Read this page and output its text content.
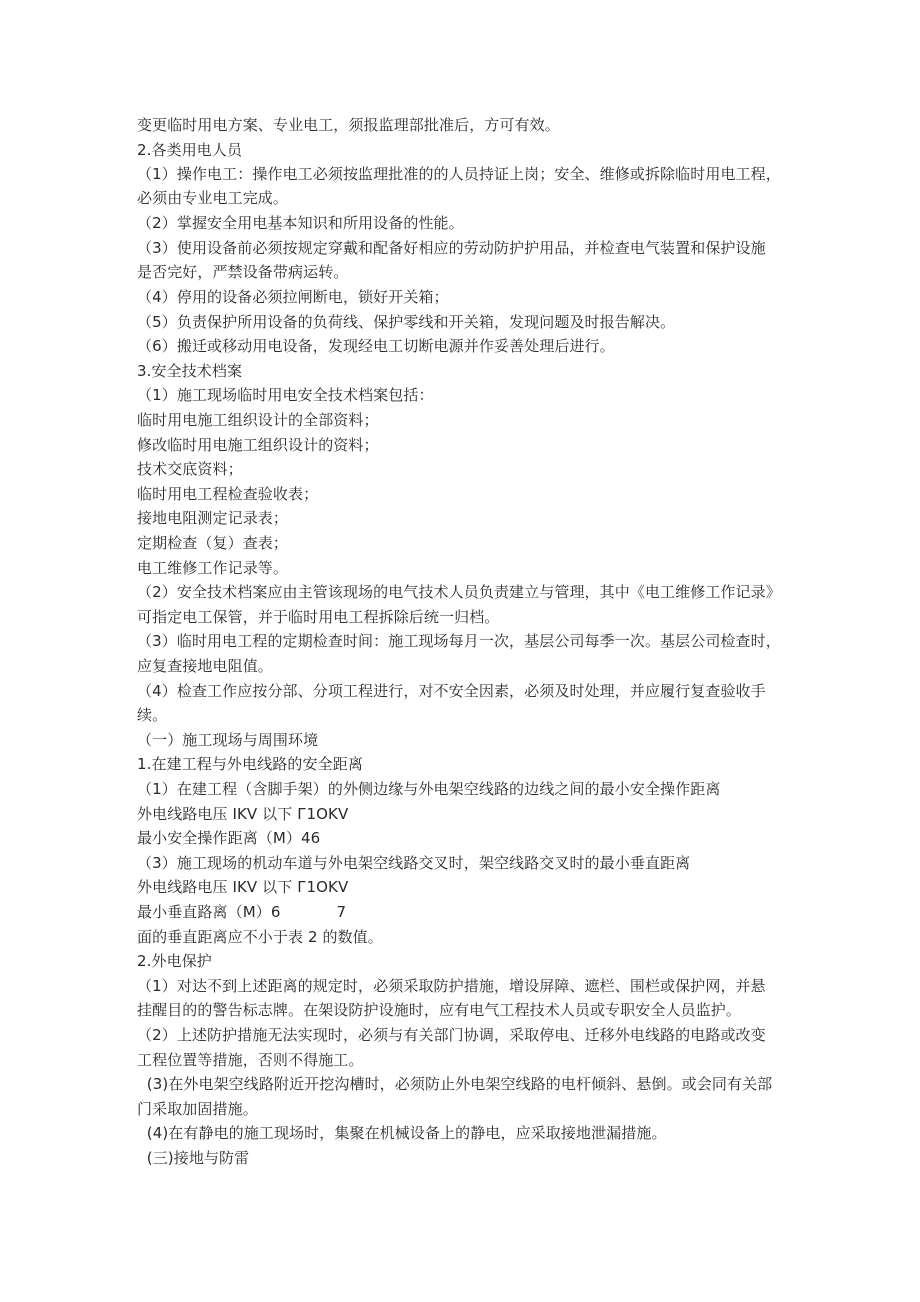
变更临时用电方案、专业电工，须报监理部批准后，方可有效。
2.各类用电人员
（1）操作电工：操作电工必须按监理批准的的人员持证上岗；安全、维修或拆除临时用电工程，
必须由专业电工完成。
（2）掌握安全用电基本知识和所用设备的性能。
（3）使用设备前必须按规定穿戴和配备好相应的劳动防护护用品，并检查电气装置和保护设施
是否完好，严禁设备带病运转。
（4）停用的设备必须拉闸断电，锁好开关箱；
（5）负责保护所用设备的负荷线、保护零线和开关箱，发现问题及时报告解决。
（6）搬迁或移动用电设备，发现经电工切断电源并作妥善处理后进行。
3.安全技术档案
（1）施工现场临时用电安全技术档案包括：
临时用电施工组织设计的全部资料；
修改临时用电施工组织设计的资料；
技术交底资料；
临时用电工程检查验收表；
接地电阻测定记录表；
定期检查（复）查表；
电工维修工作记录等。
（2）安全技术档案应由主管该现场的电气技术人员负责建立与管理，其中《电工维修工作记录》
可指定电工保管，并于临时用电工程拆除后统一归档。
（3）临时用电工程的定期检查时间：施工现场每月一次，基层公司每季一次。基层公司检查时，
应复查接地电阻值。
（4）检查工作应按分部、分项工程进行，对不安全因素，必须及时处理，并应履行复查验收手
续。
（一）施工现场与周围环境
1.在建工程与外电线路的安全距离
（1）在建工程（含脚手架）的外侧边缘与外电架空线路的边线之间的最小安全操作距离
外电线路电压 IKV 以下 Г1OKV
最小安全操作距离（M）46
（3）施工现场的机动车道与外电架空线路交叉时，架空线路交叉时的最小垂直距离
外电线路电压 IKV 以下 Г1OKV
最小垂直路离（M）6	7
面的垂直距离应不小于表 2 的数值。
2.外电保护
（1）对达不到上述距离的规定时，必须采取防护措施，增设屏障、遮栏、围栏或保护网，并悬
挂醒目的的警告标志牌。在架设防护设施时，应有电气工程技术人员或专职安全人员监护。
（2）上述防护措施无法实现时，必须与有关部门协调，采取停电、迁移外电线路的电路或改变
工程位置等措施，否则不得施工。
(3)在外电架空线路附近开挖沟槽时，必须防止外电架空线路的电杆倾斜、悬倒。或会同有关部
门采取加固措施。
(4)在有静电的施工现场时，集聚在机械设备上的静电，应采取接地泄漏措施。
(三)接地与防雷
